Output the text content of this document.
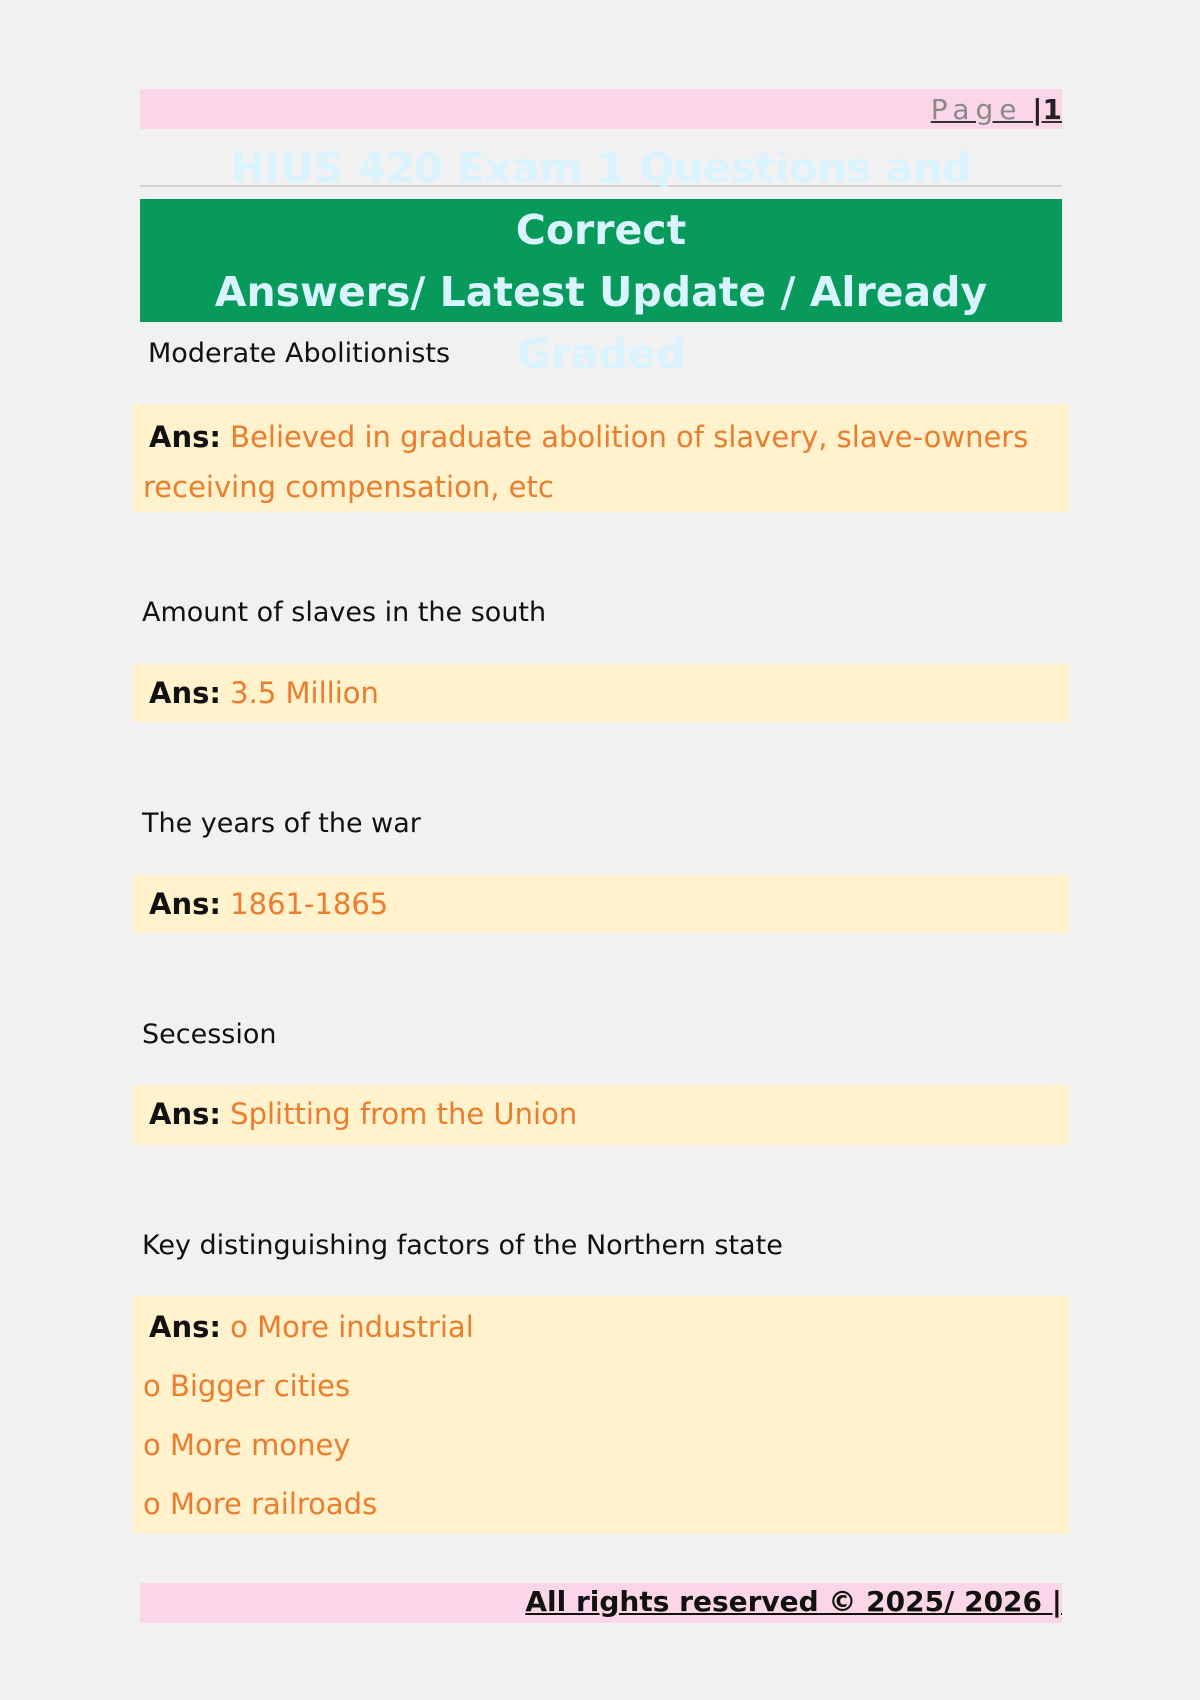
Page |1
HIUS 420 Exam 1 Questions and Correct
Answers/ Latest Update / Already Graded
Moderate Abolitionists
Ans: Believed in graduate abolition of slavery, slave-owners
receiving compensation, etc
Amount of slaves in the south
Ans: 3.5 Million
The years of the war
Ans: 1861-1865
Secession
Ans: Splitting from the Union
Key distinguishing factors of the Northern state
Ans: o More industrial
o Bigger cities
o More money
o More railroads
All rights reserved © 2025/ 2026 |
